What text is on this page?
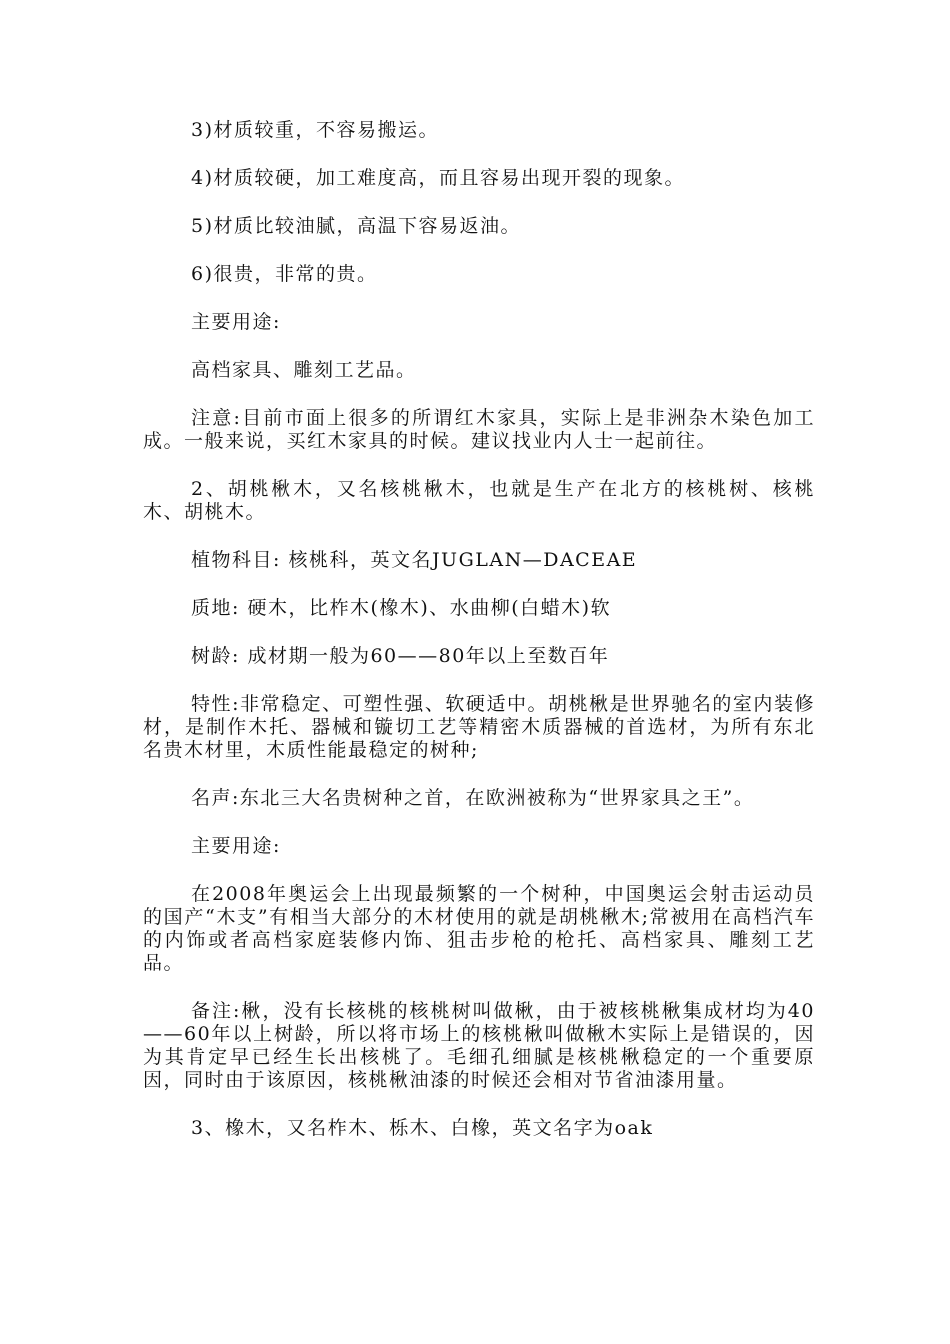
3)材质较重，不容易搬运。

4)材质较硬，加工难度高，而且容易出现开裂的现象。

5)材质比较油腻，高温下容易返油。

6)很贵，非常的贵。

主要用途:

高档家具、雕刻工艺品。

注意:目前市面上很多的所谓红木家具，实际上是非洲杂木染色加工成。一般来说，买红木家具的时候。建议找业内人士一起前往。

2、胡桃楸木，又名核桃楸木，也就是生产在北方的核桃树、核桃木、胡桃木。

植物科目: 核桃科，英文名JUGLAN—DACEAE

质地: 硬木，比柞木(橡木)、水曲柳(白蜡木)软

树龄: 成材期一般为60——80年以上至数百年

特性:非常稳定、可塑性强、软硬适中。胡桃楸是世界驰名的室内装修材，是制作木托、器械和镟切工艺等精密木质器械的首选材，为所有东北名贵木材里，木质性能最稳定的树种;

名声:东北三大名贵树种之首，在欧洲被称为“世界家具之王”。

主要用途:

在2008年奥运会上出现最频繁的一个树种，中国奥运会射击运动员的国产“木支”有相当大部分的木材使用的就是胡桃楸木;常被用在高档汽车的内饰或者高档家庭装修内饰、狙击步枪的枪托、高档家具、雕刻工艺品。

备注:楸，没有长核桃的核桃树叫做楸，由于被核桃楸集成材均为40——60年以上树龄，所以将市场上的核桃楸叫做楸木实际上是错误的，因为其肯定早已经生长出核桃了。毛细孔细腻是核桃楸稳定的一个重要原因，同时由于该原因，核桃楸油漆的时候还会相对节省油漆用量。

3、橡木，又名柞木、栎木、白橡，英文名字为oak
